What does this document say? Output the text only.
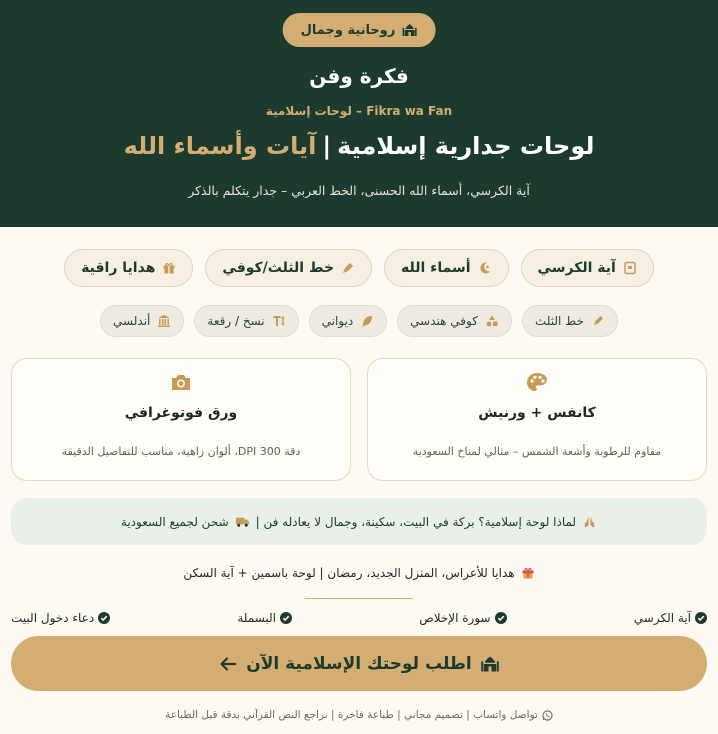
روحانية وجمال
فكرة وفن
Fikra wa Fan – لوحات إسلامية
لوحات جدارية إسلامية|آيات وأسماء الله
آية الكرسي، أسماء الله الحسنى، الخط العربي – جدار يتكلم بالذكر
آية الكرسي
أسماء الله
خط الثلث/كوفي
هدايا راقية
خط الثلث
كوفي هندسي
ديواني
نسخ / رقعة
أندلسي
كانفس + ورنيش
مقاوم للرطوبة وأشعة الشمس – مثالي لمناخ السعودية
ورق فوتوغرافي
دقة 300 DPI، ألوان زاهية، مناسب للتفاصيل الدقيقة
لماذا لوحة إسلامية؟ بركة في البيت، سكينة، وجمال لا يعادله فن |
شحن لجميع السعودية
هدايا للأعراس، المنزل الجديد، رمضان | لوحة باسمين + آية السكن
آية الكرسي
سورة الإخلاص
البسملة
دعاء دخول البيت
اطلب لوحتك الإسلامية الآن
تواصل واتساب | تصميم مجاني | طباعة فاخرة | نراجع النص القرآني بدقة قبل الطباعة
